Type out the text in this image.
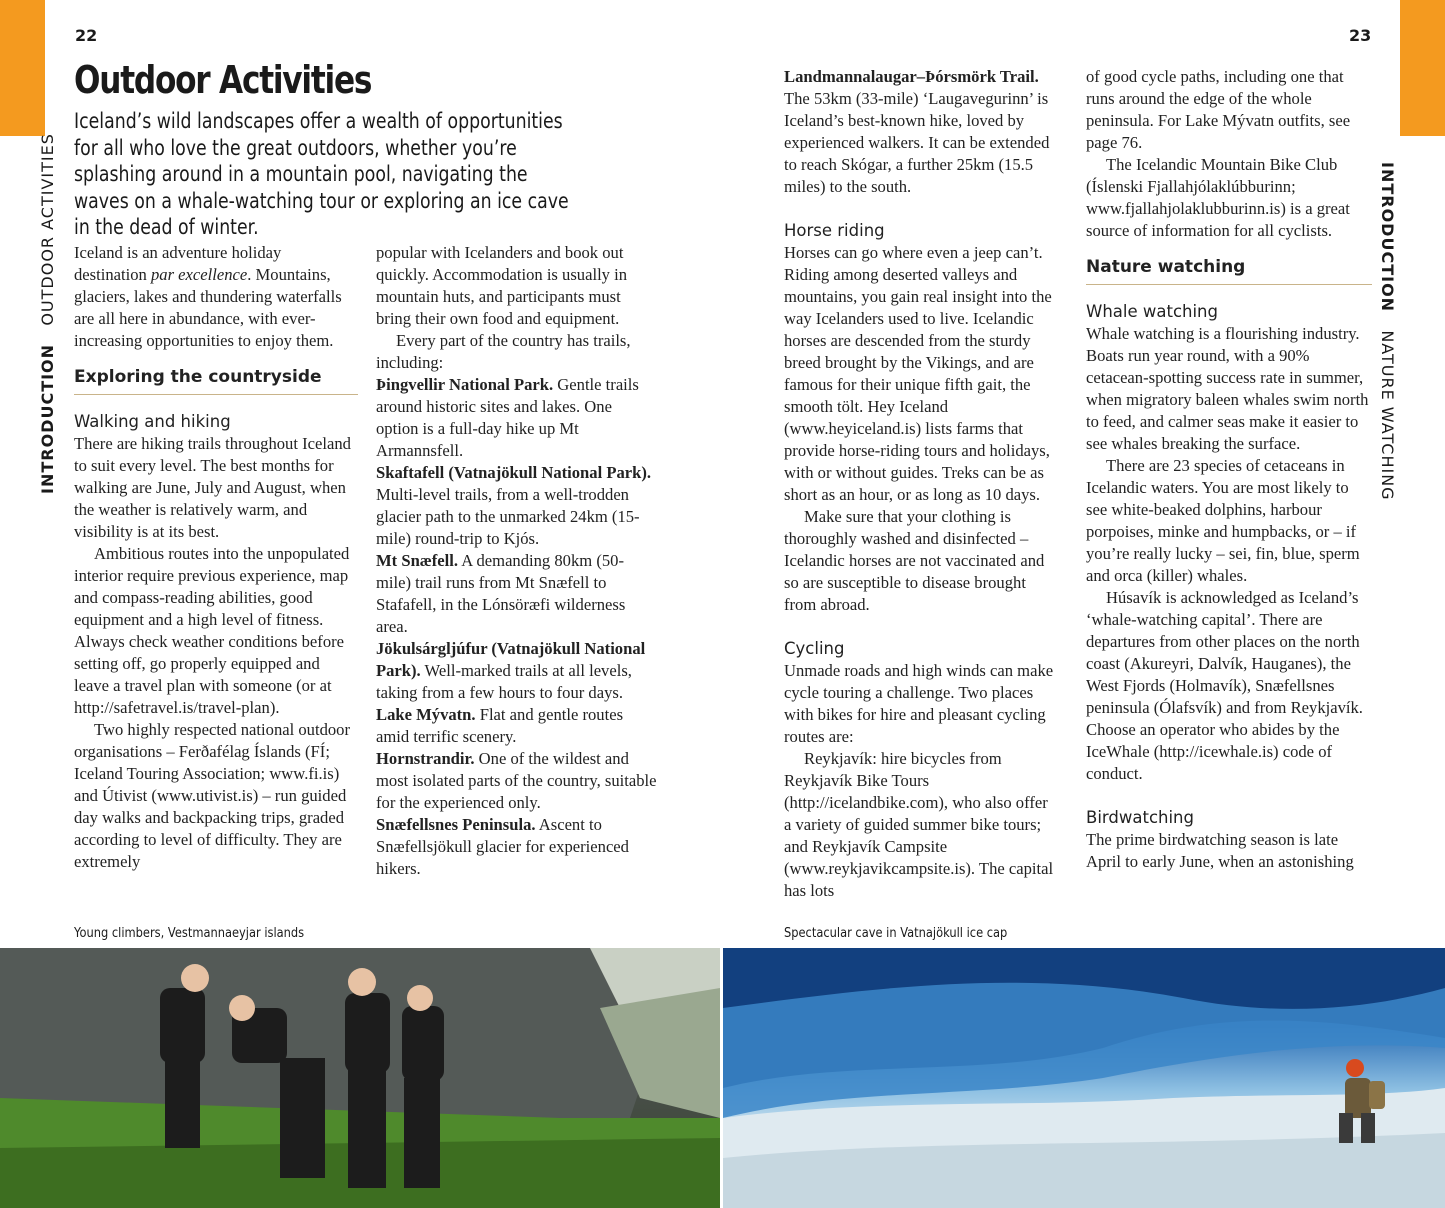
22	23
INTRODUCTION   OUTDOOR ACTIVITIES	INTRODUCTION   NATURE WATCHING
Outdoor Activities
Iceland’s wild landscapes offer a wealth of opportunities for all who love the great outdoors, whether you’re splashing around in a mountain pool, navigating the waves on a whale-watching tour or exploring an ice cave in the dead of winter.

Iceland is an adventure holiday destination par excellence. Mountains, glaciers, lakes and thundering waterfalls are all here in abundance, with ever-increasing opportunities to enjoy them.

Exploring the countryside
Walking and hiking

There are hiking trails throughout Iceland to suit every level. The best months for walking are June, July and August, when the weather is relatively warm, and visibility is at its best.

Ambitious routes into the unpopulated interior require previous experience, map and compass-reading abilities, good equipment and a high level of fitness. Always check weather conditions before setting off, go properly equipped and leave a travel plan with someone (or at http://safetravel.is/travel-plan).

Two highly respected national outdoor organisations – Ferðafélag Íslands (FÍ; Iceland Touring Association; www.fi.is) and Útivist (www.utivist.is) – run guided day walks and backpacking trips, graded according to level of difficulty. They are extremely

popular with Icelanders and book out quickly. Accommodation is usually in mountain huts, and participants must bring their own food and equipment.

Every part of the country has trails, including:

Þingvellir National Park. Gentle trails around historic sites and lakes. One option is a full-day hike up Mt Armannsfell.

Skaftafell (Vatnajökull National Park). Multi-level trails, from a well-trodden glacier path to the unmarked 24km (15-mile) round-trip to Kjós.

Mt Snæfell. A demanding 80km (50-mile) trail runs from Mt Snæfell to Stafafell, in the Lónsöræfi wilderness area.

Jökulsárgljúfur (Vatnajökull National Park). Well-marked trails at all levels, taking from a few hours to four days.

Lake Mývatn. Flat and gentle routes amid terrific scenery.

Hornstrandir. One of the wildest and most isolated parts of the country, suitable for the experienced only.

Snæfellsnes Peninsula. Ascent to Snæfellsjökull glacier for experienced hikers.

Landmannalaugar–Þórsmörk Trail. The 53km (33-mile) ‘Laugavegurinn’ is Iceland’s best-known hike, loved by experienced walkers. It can be extended to reach Skógar, a further 25km (15.5 miles) to the south.

Horse riding

Horses can go where even a jeep can’t. Riding among deserted valleys and mountains, you gain real insight into the way Icelanders used to live. Icelandic horses are descended from the sturdy breed brought by the Vikings, and are famous for their unique fifth gait, the smooth tölt. Hey Iceland (www.heyiceland.is) lists farms that provide horse-riding tours and holidays, with or without guides. Treks can be as short as an hour, or as long as 10 days.

Make sure that your clothing is thoroughly washed and disinfected – Icelandic horses are not vaccinated and so are susceptible to disease brought from abroad.

Cycling

Unmade roads and high winds can make cycle touring a challenge. Two places with bikes for hire and pleasant cycling routes are:

Reykjavík: hire bicycles from Reykjavík Bike Tours (http://icelandbike.com), who also offer a variety of guided summer bike tours; and Reykjavík Campsite (www.reykjavikcampsite.is). The capital has lots

of good cycle paths, including one that runs around the edge of the whole peninsula. For Lake Mývatn outfits, see page 76.

The Icelandic Mountain Bike Club (Íslenski Fjallahjólaklúbburinn; www.fjallahjolaklubburinn.is) is a great source of information for all cyclists.

Nature watching
Whale watching

Whale watching is a flourishing industry. Boats run year round, with a 90% cetacean-spotting success rate in summer, when migratory baleen whales swim north to feed, and calmer seas make it easier to see whales breaking the surface.

There are 23 species of cetaceans in Icelandic waters. You are most likely to see white-beaked dolphins, harbour porpoises, minke and humpbacks, or – if you’re really lucky – sei, fin, blue, sperm and orca (killer) whales.

Húsavík is acknowledged as Iceland’s ‘whale-watching capital’. There are departures from other places on the north coast (Akureyri, Dalvík, Hauganes), the West Fjords (Holmavík), Snæfellsnes peninsula (Ólafsvík) and from Reykjavík. Choose an operator who abides by the IceWhale (http://icewhale.is) code of conduct.

Birdwatching

The prime birdwatching season is late April to early June, when an astonishing

Young climbers, Vestmannaeyjar islands	Spectacular cave in Vatnajökull ice cap
